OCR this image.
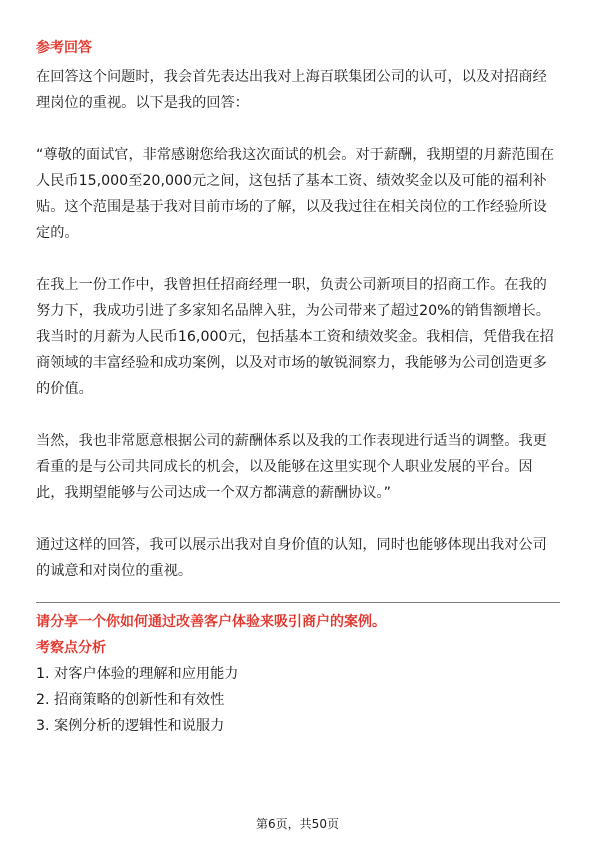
参考回答

在回答这个问题时，我会首先表达出我对上海百联集团公司的认可，以及对招商经理岗位的重视。以下是我的回答：

“尊敬的面试官，非常感谢您给我这次面试的机会。对于薪酬，我期望的月薪范围在人民币15,000至20,000元之间，这包括了基本工资、绩效奖金以及可能的福利补贴。这个范围是基于我对目前市场的了解，以及我过往在相关岗位的工作经验所设定的。

在我上一份工作中，我曾担任招商经理一职，负责公司新项目的招商工作。在我的努力下，我成功引进了多家知名品牌入驻，为公司带来了超过20%的销售额增长。我当时的月薪为人民币16,000元，包括基本工资和绩效奖金。我相信，凭借我在招商领域的丰富经验和成功案例，以及对市场的敏锐洞察力，我能够为公司创造更多的价值。

当然，我也非常愿意根据公司的薪酬体系以及我的工作表现进行适当的调整。我更看重的是与公司共同成长的机会，以及能够在这里实现个人职业发展的平台。因此，我期望能够与公司达成一个双方都满意的薪酬协议。”

通过这样的回答，我可以展示出我对自身价值的认知，同时也能够体现出我对公司的诚意和对岗位的重视。

请分享一个你如何通过改善客户体验来吸引商户的案例。
考察点分析
1. 对客户体验的理解和应用能力
2. 招商策略的创新性和有效性
3. 案例分析的逻辑性和说服力
第6页，共50页
